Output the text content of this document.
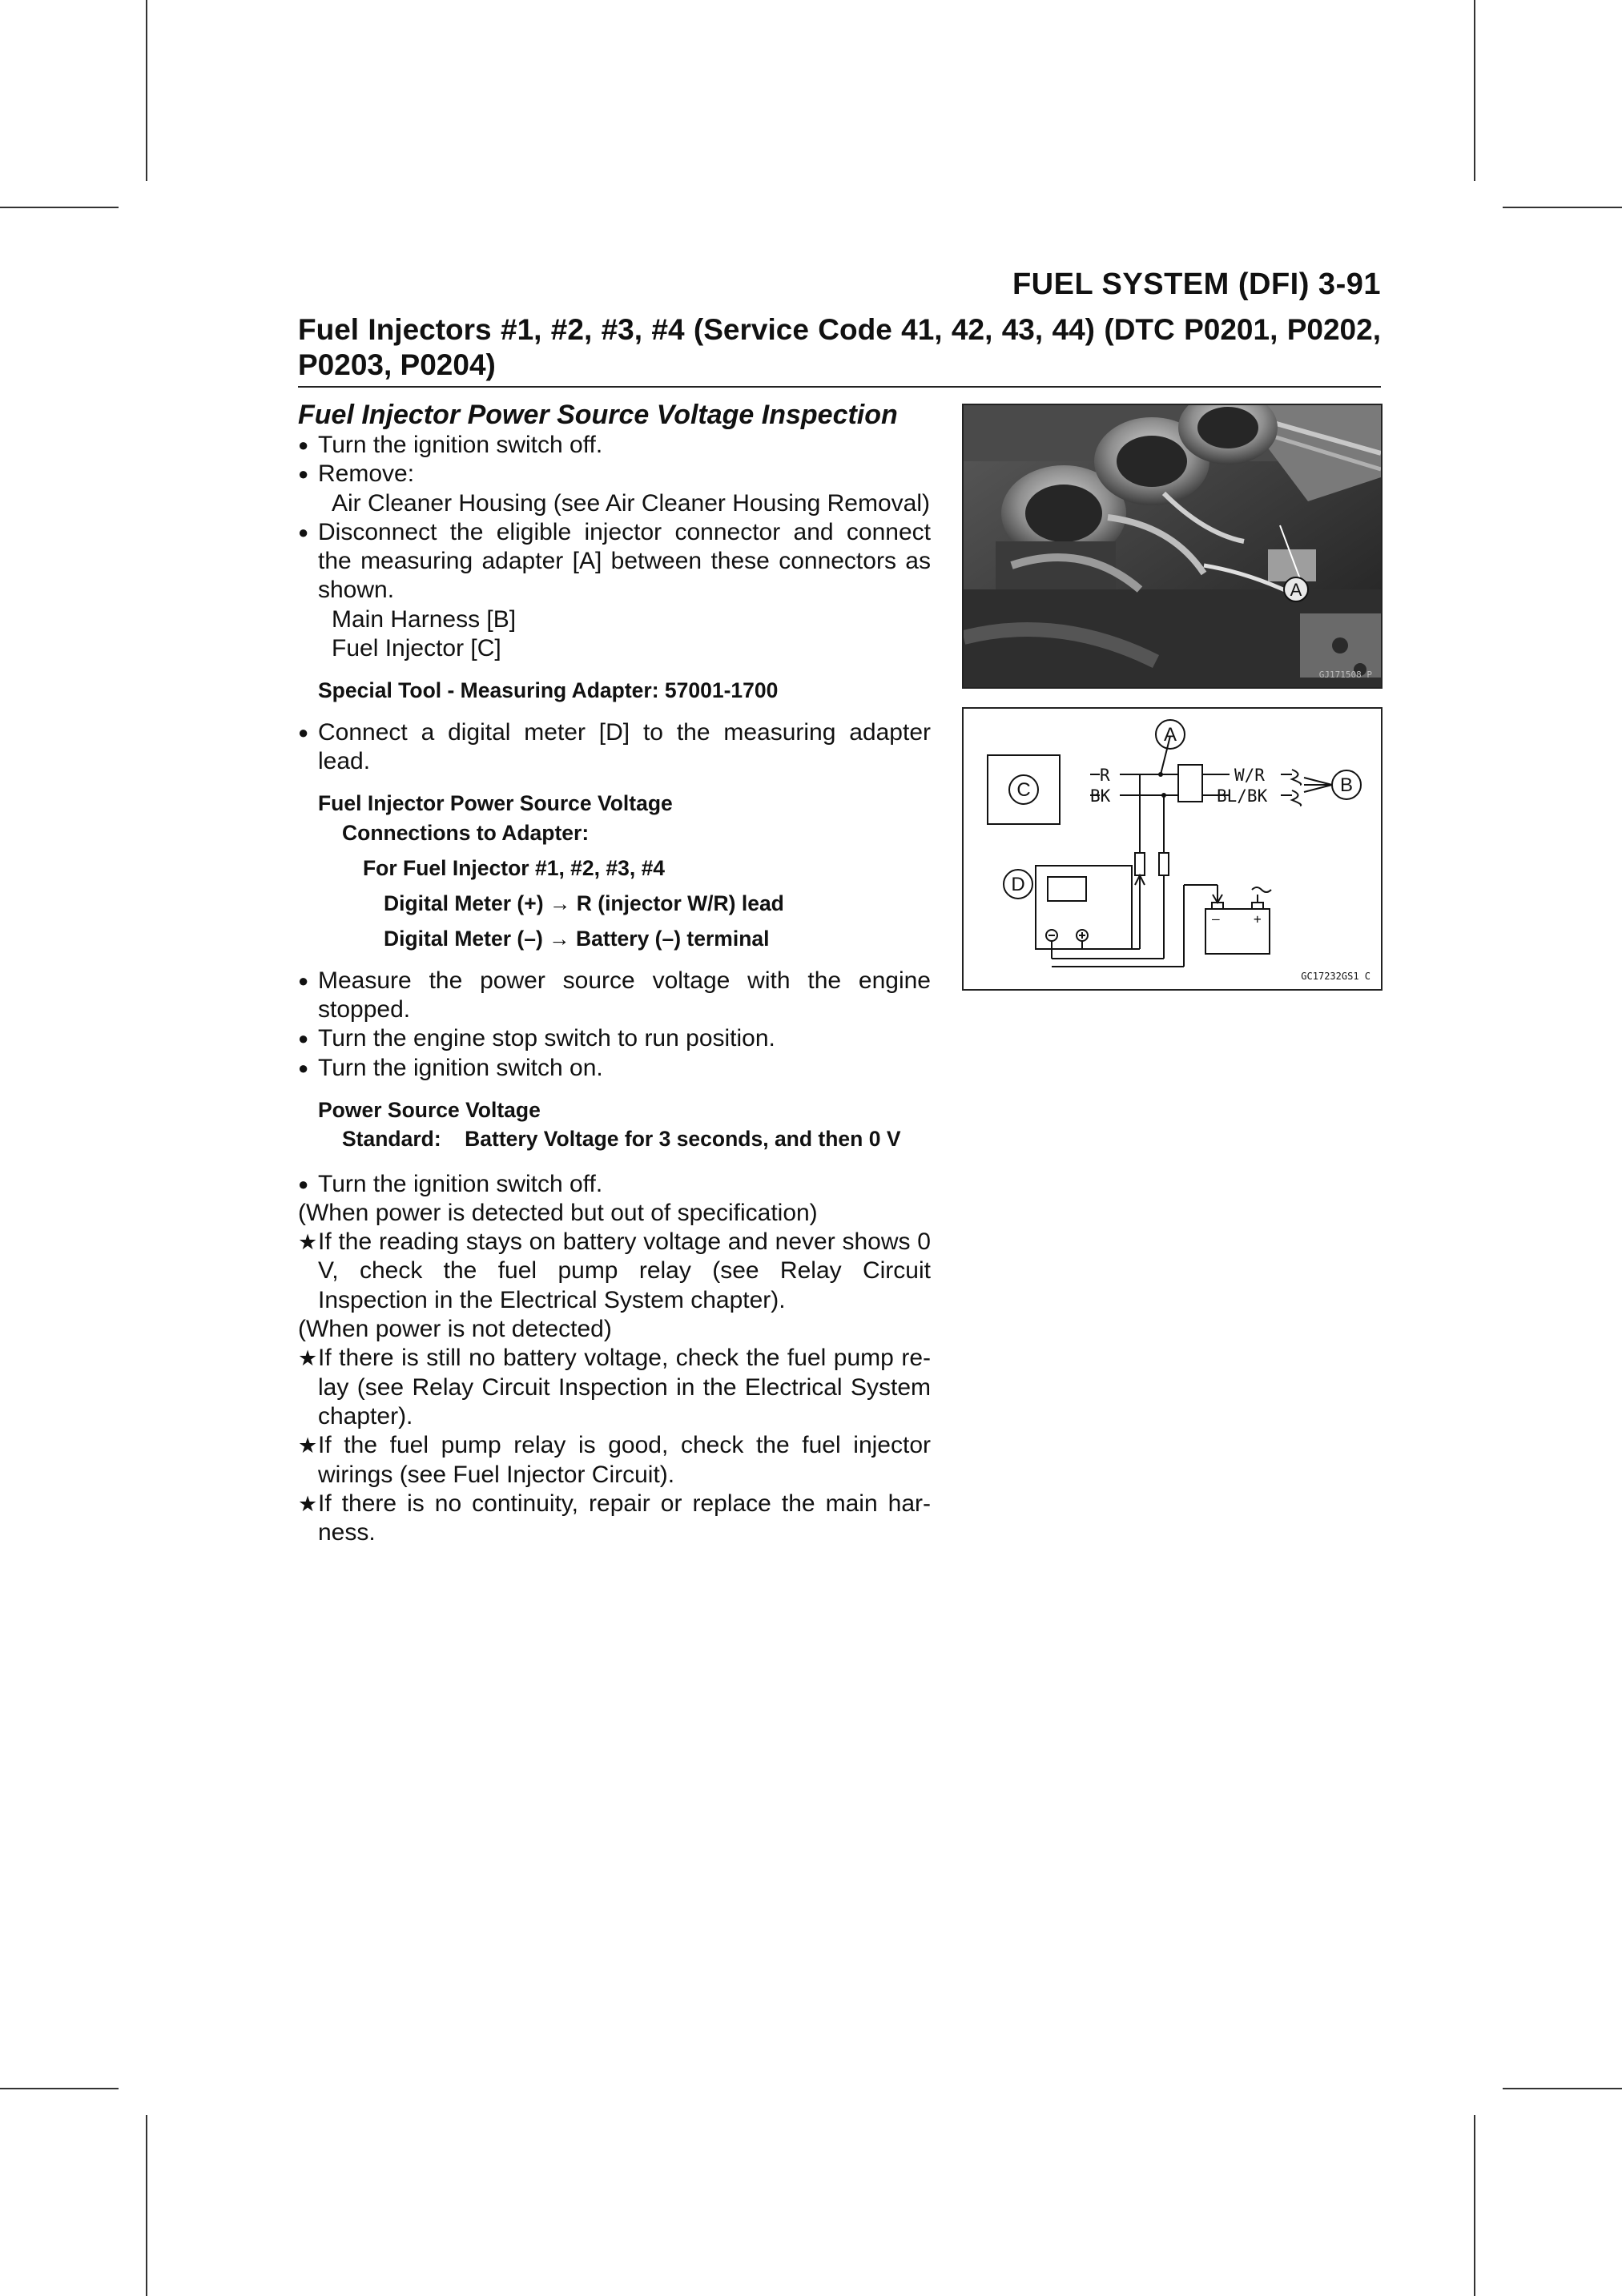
FUEL SYSTEM (DFI) 3-91
Fuel Injectors #1, #2, #3, #4 (Service Code 41, 42, 43, 44) (DTC P0201, P0202, P0203, P0204)
Fuel Injector Power Source Voltage Inspection
● Turn the ignition switch off.
● Remove:
Air Cleaner Housing (see Air Cleaner Housing Removal)
● Disconnect the eligible injector connector and connect the measuring adapter [A] between these connectors as shown.
Main Harness [B]
Fuel Injector [C]
Special Tool - Measuring Adapter: 57001-1700
● Connect a digital meter [D] to the measuring adapter lead.
Fuel Injector Power Source Voltage
Connections to Adapter:
For Fuel Injector #1, #2, #3, #4
Digital Meter (+) → R (injector W/R) lead
Digital Meter (–) → Battery (–) terminal
● Measure the power source voltage with the engine stopped.
● Turn the engine stop switch to run position.
● Turn the ignition switch on.
Power Source Voltage
Standard:    Battery Voltage for 3 seconds, and then 0 V
● Turn the ignition switch off.
(When power is detected but out of specification)
★ If the reading stays on battery voltage and never shows 0 V, check the fuel pump relay (see Relay Circuit Inspection in the Electrical System chapter).
(When power is not detected)
★ If there is still no battery voltage, check the fuel pump re-lay (see Relay Circuit Inspection in the Electrical System chapter).
★ If the fuel pump relay is good, check the fuel injector wirings (see Fuel Injector Circuit).
★ If there is no continuity, repair or replace the main har-ness.
A
GJ171508 P
A
B
C
D
R
BK
W/R
BL/BK
–	+
GC17232GS1 C
